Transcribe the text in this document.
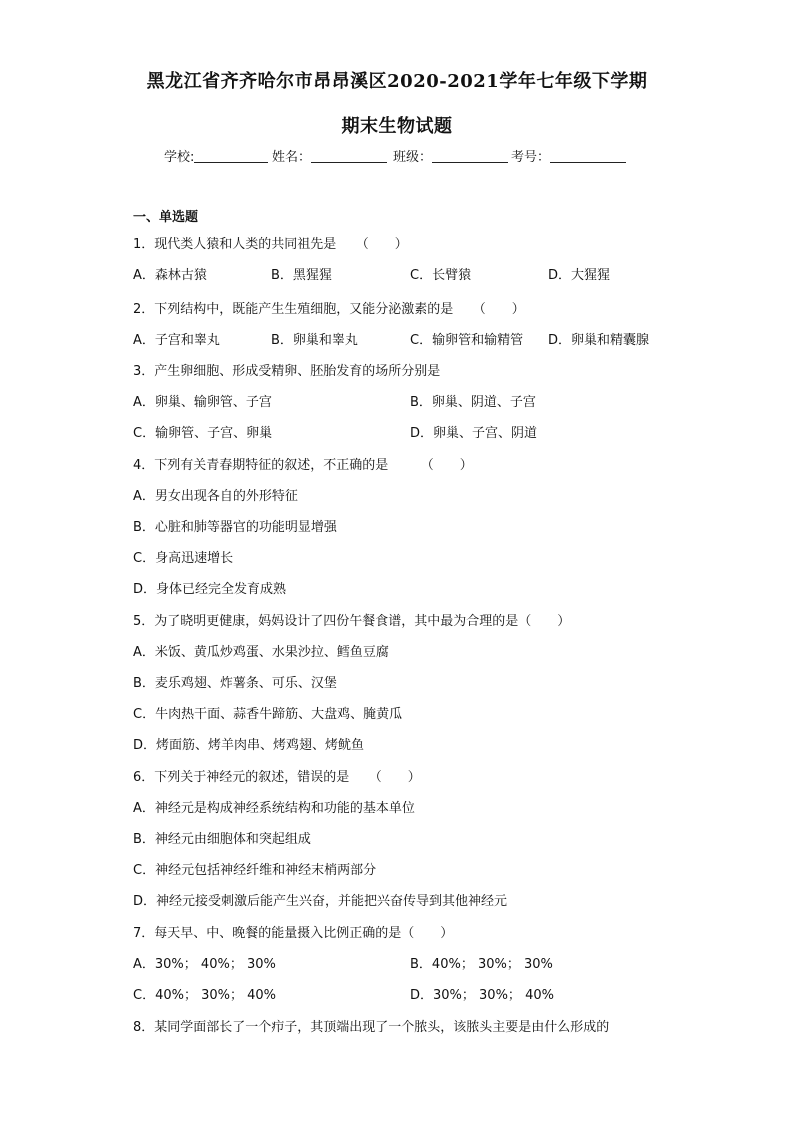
黑龙江省齐齐哈尔市昂昂溪区2020-2021学年七年级下学期
期末生物试题
学校:	姓名：	班级：	考号：
一、单选题
1．现代类人猿和人类的共同祖先是　　（　　）
A．森林古猿	B．黑猩猩	C．长臂猿	D．大猩猩
2．下列结构中，既能产生生殖细胞，又能分泌激素的是　　（　　）
A．子宫和睾丸	B．卵巢和睾丸	C．输卵管和输精管 D．卵巢和精囊腺
3．产生卵细胞、形成受精卵、胚胎发育的场所分别是
A．卵巢、输卵管、子宫	B．卵巢、阴道、子宫
C．输卵管、子宫、卵巢	D．卵巢、子宫、阴道
4．下列有关青春期特征的叙述，不正确的是　　　（　　）
A．男女出现各自的外形特征
B．心脏和肺等器官的功能明显增强
C．身高迅速增长
D．身体已经完全发育成熟
5．为了晓明更健康，妈妈设计了四份午餐食谱，其中最为合理的是（　　）
A．米饭、黄瓜炒鸡蛋、水果沙拉、鳕鱼豆腐
B．麦乐鸡翅、炸薯条、可乐、汉堡
C．牛肉热干面、蒜香牛蹄筋、大盘鸡、腌黄瓜
D．烤面筋、烤羊肉串、烤鸡翅、烤鱿鱼
6．下列关于神经元的叙述，错误的是　　（　　）
A．神经元是构成神经系统结构和功能的基本单位
B．神经元由细胞体和突起组成
C．神经元包括神经纤维和神经末梢两部分
D．神经元接受刺激后能产生兴奋，并能把兴奋传导到其他神经元
7．每天早、中、晚餐的能量摄入比例正确的是（　　）
A．30%； 40%； 30%	B．40%； 30%； 30%
C．40%； 30%； 40%	D．30%； 30%； 40%
8．某同学面部长了一个疖子，其顶端出现了一个脓头，该脓头主要是由什么形成的
